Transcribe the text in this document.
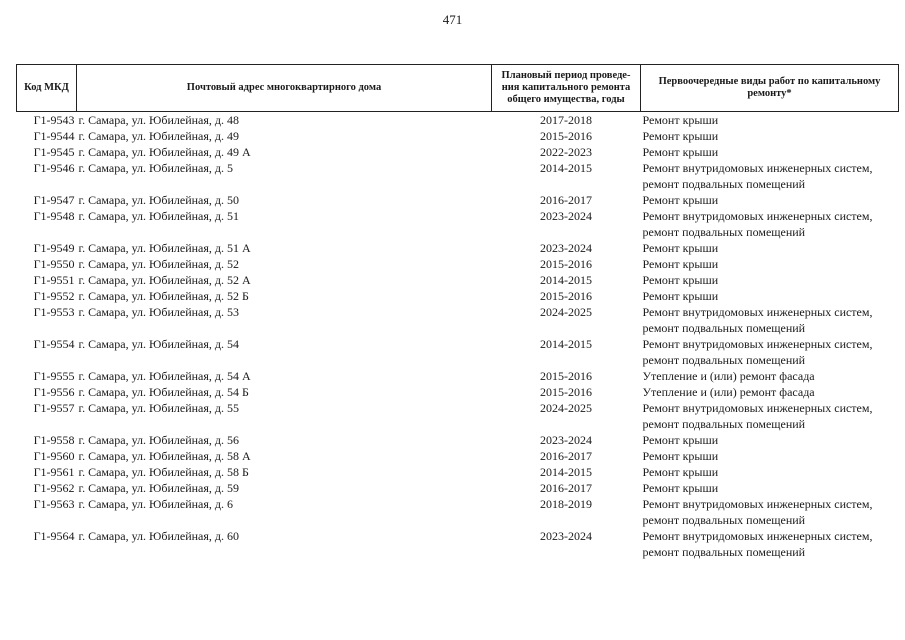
471
Код МКД	Почтовый адрес многоквартирного дома	Плановый период проведе-ния капитального ремонта общего имущества, годы	Первоочередные виды работ по капитальному ремонту*
Г1-9543	г. Самара, ул. Юбилейная, д. 48	2017-2018	Ремонт крыши

Г1-9544	г. Самара, ул. Юбилейная, д. 49	2015-2016	Ремонт крыши

Г1-9545	г. Самара, ул. Юбилейная, д. 49 А	2022-2023	Ремонт крыши

Г1-9546	г. Самара, ул. Юбилейная, д. 5	2014-2015	Ремонт внутридомовых инженерных систем,
ремонт подвальных помещений

Г1-9547	г. Самара, ул. Юбилейная, д. 50	2016-2017	Ремонт крыши

Г1-9548	г. Самара, ул. Юбилейная, д. 51	2023-2024	Ремонт внутридомовых инженерных систем,
ремонт подвальных помещений

Г1-9549	г. Самара, ул. Юбилейная, д. 51 А	2023-2024	Ремонт крыши

Г1-9550	г. Самара, ул. Юбилейная, д. 52	2015-2016	Ремонт крыши

Г1-9551	г. Самара, ул. Юбилейная, д. 52 А	2014-2015	Ремонт крыши

Г1-9552	г. Самара, ул. Юбилейная, д. 52 Б	2015-2016	Ремонт крыши

Г1-9553	г. Самара, ул. Юбилейная, д. 53	2024-2025	Ремонт внутридомовых инженерных систем,
ремонт подвальных помещений

Г1-9554	г. Самара, ул. Юбилейная, д. 54	2014-2015	Ремонт внутридомовых инженерных систем,
ремонт подвальных помещений

Г1-9555	г. Самара, ул. Юбилейная, д. 54 А	2015-2016	Утепление и (или) ремонт фасада

Г1-9556	г. Самара, ул. Юбилейная, д. 54 Б	2015-2016	Утепление и (или) ремонт фасада

Г1-9557	г. Самара, ул. Юбилейная, д. 55	2024-2025	Ремонт внутридомовых инженерных систем,
ремонт подвальных помещений

Г1-9558	г. Самара, ул. Юбилейная, д. 56	2023-2024	Ремонт крыши

Г1-9560	г. Самара, ул. Юбилейная, д. 58 А	2016-2017	Ремонт крыши

Г1-9561	г. Самара, ул. Юбилейная, д. 58 Б	2014-2015	Ремонт крыши

Г1-9562	г. Самара, ул. Юбилейная, д. 59	2016-2017	Ремонт крыши

Г1-9563	г. Самара, ул. Юбилейная, д. 6	2018-2019	Ремонт внутридомовых инженерных систем,
ремонт подвальных помещений

Г1-9564	г. Самара, ул. Юбилейная, д. 60	2023-2024	Ремонт внутридомовых инженерных систем,
ремонт подвальных помещений
